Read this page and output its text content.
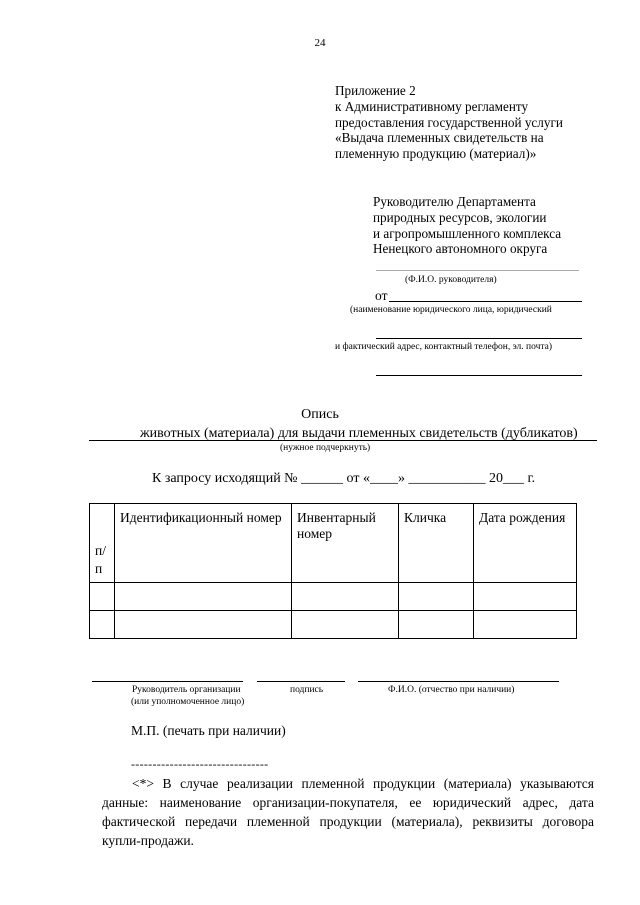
24
Приложение 2
к Административному регламенту
предоставления государственной услуги
«Выдача племенных свидетельств на
племенную продукцию (материал)»
Руководителю Департамента
природных ресурсов, экологии
и агропромышленного комплекса
Ненецкого автономного округа
(Ф.И.О. руководителя)
от
(наименование юридического лица, юридический
и фактический адрес, контактный телефон, эл. почта)
Опись
животных (материала) для выдачи племенных свидетельств (дубликатов)
(нужное подчеркнуть)
К запросу исходящий № ______ от «____» ___________ 20___ г.
п/ п	Идентификационный номер	Инвентарный номер	Кличка	Дата рождения

Руководитель организации
(или уполномоченное лицо)
подпись	Ф.И.О. (отчество при наличии)
М.П. (печать при наличии)
--------------------------------

<*> В случае реализации племенной продукции (материала) указываются данные: наименование организации-покупателя, ее юридический адрес, дата фактической передачи племенной продукции (материала), реквизиты договора купли-продажи.
